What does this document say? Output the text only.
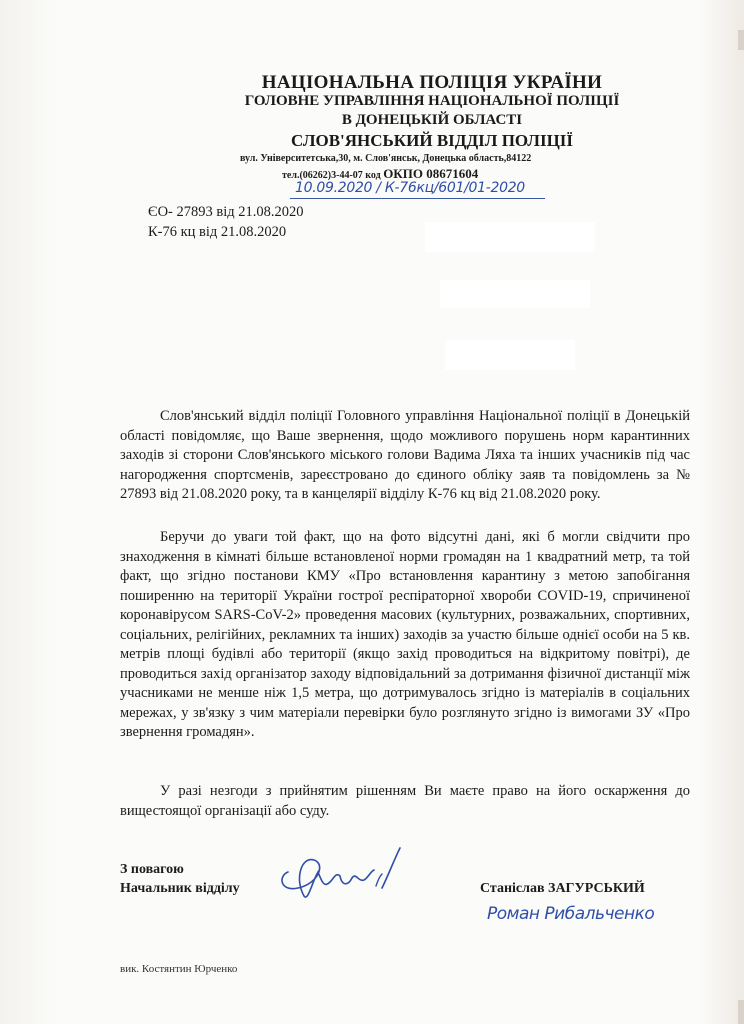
НАЦІОНАЛЬНА ПОЛІЦІЯ УКРАЇНИ
ГОЛОВНЕ УПРАВЛІННЯ НАЦІОНАЛЬНОЇ ПОЛІЦІЇ
В ДОНЕЦЬКІЙ ОБЛАСТІ
СЛОВ'ЯНСЬКИЙ ВІДДІЛ ПОЛІЦІЇ
вул. Університетська,30, м. Слов'янськ, Донецька область,84122
тел.(06262)3-44-07 код ОКПО 08671604
10.09.2020 / К-76кц/601/01-2020
ЄО- 27893 від 21.08.2020
К-76 кц від 21.08.2020

Слов'янський відділ поліції Головного управління Національної поліції в Донецькій області повідомляє, що Ваше звернення, щодо можливого порушень норм карантинних заходів зі сторони Слов'янського міського голови Вадима Ляха та інших учасників під час нагородження спортсменів, зареєстровано до єдиного обліку заяв та повідомлень за № 27893 від 21.08.2020 року, та в канцелярії відділу К-76 кц від 21.08.2020 року.

Беручи до уваги той факт, що на фото відсутні дані, які б могли свідчити про знаходження в кімнаті більше встановленої норми громадян на 1 квадратний метр, та той факт, що згідно постанови КМУ «Про встановлення карантину з метою запобігання поширенню на території України гострої респіраторної хвороби COVID-19, спричиненої коронавірусом SARS-CoV-2» проведення масових (культурних, розважальних, спортивних, соціальних, релігійних, рекламних та інших) заходів за участю більше однієї особи на 5 кв. метрів площі будівлі або території (якщо захід проводиться на відкритому повітрі), де проводиться захід організатор заходу відповідальний за дотримання фізичної дистанції між учасниками не менше ніж 1,5 метра, що дотримувалось згідно із матеріалів в соціальних мережах, у зв'язку з чим матеріали перевірки було розглянуто згідно із вимогами ЗУ «Про звернення громадян».

У разі незгоди з прийнятим рішенням Ви маєте право на його оскарження до вищестоящої організації або суду.

З повагою
Начальник відділу	Станіслав ЗАГУРСЬКИЙ
Роман Рибальченко
вик. Костянтин Юрченко
